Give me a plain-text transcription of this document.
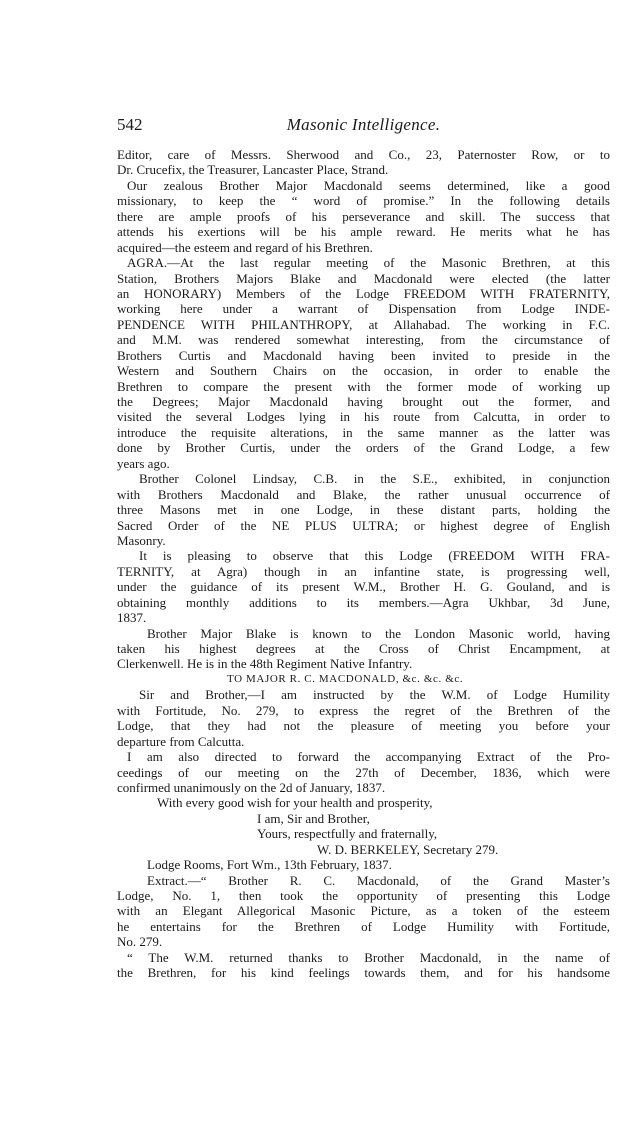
542	Masonic Intelligence.
Editor, care of Messrs. Sherwood and Co., 23, Paternoster Row, or to
Dr. Crucefix, the Treasurer, Lancaster Place, Strand.
Our zealous Brother Major Macdonald seems determined, like a good
missionary, to keep the “ word of promise.” In the following details
there are ample proofs of his perseverance and skill. The success that
attends his exertions will be his ample reward. He merits what he has
acquired—the esteem and regard of his Brethren.
AGRA.—At the last regular meeting of the Masonic Brethren, at this
Station, Brothers Majors Blake and Macdonald were elected (the latter
an HONORARY) Members of the Lodge FREEDOM WITH FRATERNITY,
working here under a warrant of Dispensation from Lodge INDE-
PENDENCE WITH PHILANTHROPY, at Allahabad. The working in F.C.
and M.M. was rendered somewhat interesting, from the circumstance of
Brothers Curtis and Macdonald having been invited to preside in the
Western and Southern Chairs on the occasion, in order to enable the
Brethren to compare the present with the former mode of working up
the Degrees; Major Macdonald having brought out the former, and
visited the several Lodges lying in his route from Calcutta, in order to
introduce the requisite alterations, in the same manner as the latter was
done by Brother Curtis, under the orders of the Grand Lodge, a few
years ago.
Brother Colonel Lindsay, C.B. in the S.E., exhibited, in conjunction
with Brothers Macdonald and Blake, the rather unusual occurrence of
three Masons met in one Lodge, in these distant parts, holding the
Sacred Order of the NE PLUS ULTRA; or highest degree of English
Masonry.
It is pleasing to observe that this Lodge (FREEDOM WITH FRA-
TERNITY, at Agra) though in an infantine state, is progressing well,
under the guidance of its present W.M., Brother H. G. Gouland, and is
obtaining monthly additions to its members.—Agra Ukhbar, 3d June,
1837.
Brother Major Blake is known to the London Masonic world, having
taken his highest degrees at the Cross of Christ Encampment, at
Clerkenwell. He is in the 48th Regiment Native Infantry.
TO MAJOR R. C. MACDONALD, &c. &c. &c.
Sir and Brother,—I am instructed by the W.M. of Lodge Humility
with Fortitude, No. 279, to express the regret of the Brethren of the
Lodge, that they had not the pleasure of meeting you before your
departure from Calcutta.
I am also directed to forward the accompanying Extract of the Pro-
ceedings of our meeting on the 27th of December, 1836, which were
confirmed unanimously on the 2d of January, 1837.
With every good wish for your health and prosperity,
I am, Sir and Brother,
Yours, respectfully and fraternally,
W. D. BERKELEY, Secretary 279.
Lodge Rooms, Fort Wm., 13th February, 1837.
Extract.—“ Brother R. C. Macdonald, of the Grand Master’s
Lodge, No. 1, then took the opportunity of presenting this Lodge
with an Elegant Allegorical Masonic Picture, as a token of the esteem
he entertains for the Brethren of Lodge Humility with Fortitude,
No. 279.
“ The W.M. returned thanks to Brother Macdonald, in the name of
the Brethren, for his kind feelings towards them, and for his handsome
